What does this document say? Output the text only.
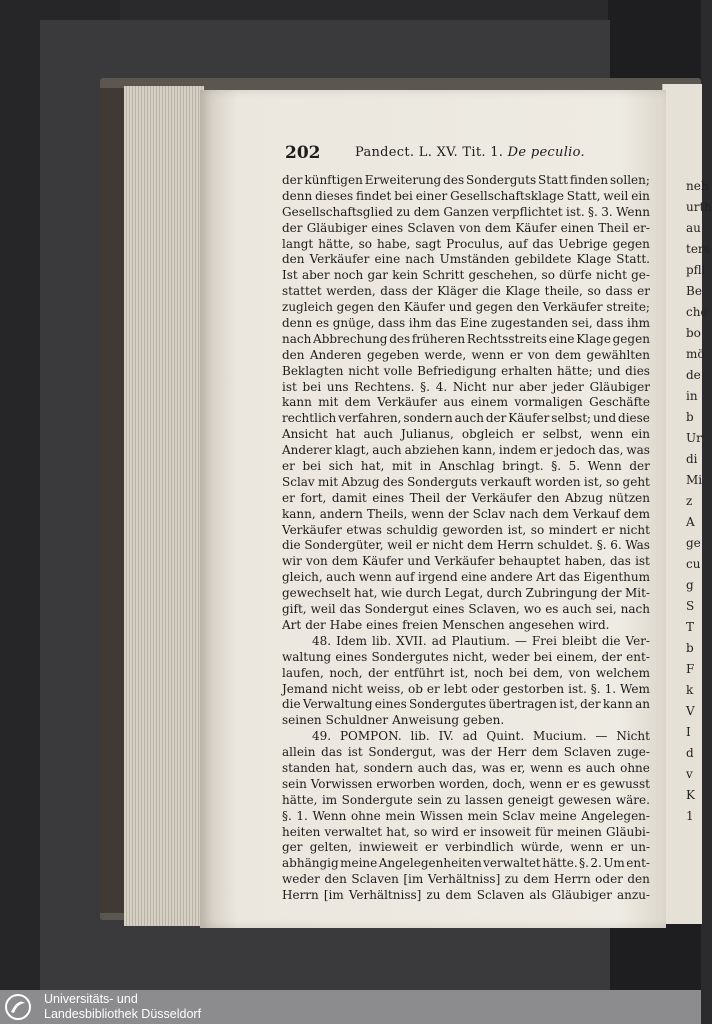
neh
urth
au
ters
pfli
Be
che
bo
mö
de
in
b
Ur
di
Mi
z
A
ge
cu
g
S
T
b
F
k
V
I
d
v
K
1
202	Pandect. L. XV. Tit. 1. De peculio.
der künftigen Erweiterung des Sonderguts Statt finden sollen;
denn dieses findet bei einer Gesellschaftsklage Statt, weil ein
Gesellschaftsglied zu dem Ganzen verpflichtet ist. §. 3. Wenn
der Gläubiger eines Sclaven von dem Käufer einen Theil er-
langt hätte, so habe, sagt Proculus, auf das Uebrige gegen
den Verkäufer eine nach Umständen gebildete Klage Statt.
Ist aber noch gar kein Schritt geschehen, so dürfe nicht ge-
stattet werden, dass der Kläger die Klage theile, so dass er
zugleich gegen den Käufer und gegen den Verkäufer streite;
denn es gnüge, dass ihm das Eine zugestanden sei, dass ihm
nach Abbrechung des früheren Rechtsstreits eine Klage gegen
den Anderen gegeben werde, wenn er von dem gewählten
Beklagten nicht volle Befriedigung erhalten hätte; und dies
ist bei uns Rechtens. §. 4. Nicht nur aber jeder Gläubiger
kann mit dem Verkäufer aus einem vormaligen Geschäfte
rechtlich verfahren, sondern auch der Käufer selbst; und diese
Ansicht hat auch Julianus, obgleich er selbst, wenn ein
Anderer klagt, auch abziehen kann, indem er jedoch das, was
er bei sich hat, mit in Anschlag bringt. §. 5. Wenn der
Sclav mit Abzug des Sonderguts verkauft worden ist, so geht
er fort, damit eines Theil der Verkäufer den Abzug nützen
kann, andern Theils, wenn der Sclav nach dem Verkauf dem
Verkäufer etwas schuldig geworden ist, so mindert er nicht
die Sondergüter, weil er nicht dem Herrn schuldet. §. 6. Was
wir von dem Käufer und Verkäufer behauptet haben, das ist
gleich, auch wenn auf irgend eine andere Art das Eigenthum
gewechselt hat, wie durch Legat, durch Zubringung der Mit-
gift, weil das Sondergut eines Sclaven, wo es auch sei, nach
Art der Habe eines freien Menschen angesehen wird.
48. Idem lib. XVII. ad Plautium. — Frei bleibt die Ver-
waltung eines Sondergutes nicht, weder bei einem, der ent-
laufen, noch, der entführt ist, noch bei dem, von welchem
Jemand nicht weiss, ob er lebt oder gestorben ist. §. 1. Wem
die Verwaltung eines Sondergutes übertragen ist, der kann an
seinen Schuldner Anweisung geben.
49. POMPON. lib. IV. ad Quint. Mucium. — Nicht
allein das ist Sondergut, was der Herr dem Sclaven zuge-
standen hat, sondern auch das, was er, wenn es auch ohne
sein Vorwissen erworben worden, doch, wenn er es gewusst
hätte, im Sondergute sein zu lassen geneigt gewesen wäre.
§. 1. Wenn ohne mein Wissen mein Sclav meine Angelegen-
heiten verwaltet hat, so wird er insoweit für meinen Gläubi-
ger gelten, inwieweit er verbindlich würde, wenn er un-
abhängig meine Angelegenheiten verwaltet hätte. §. 2. Um ent-
weder den Sclaven [im Verhältniss] zu dem Herrn oder den
Herrn [im Verhältniss] zu dem Sclaven als Gläubiger anzu-
Universitäts- und
Landesbibliothek Düsseldorf
